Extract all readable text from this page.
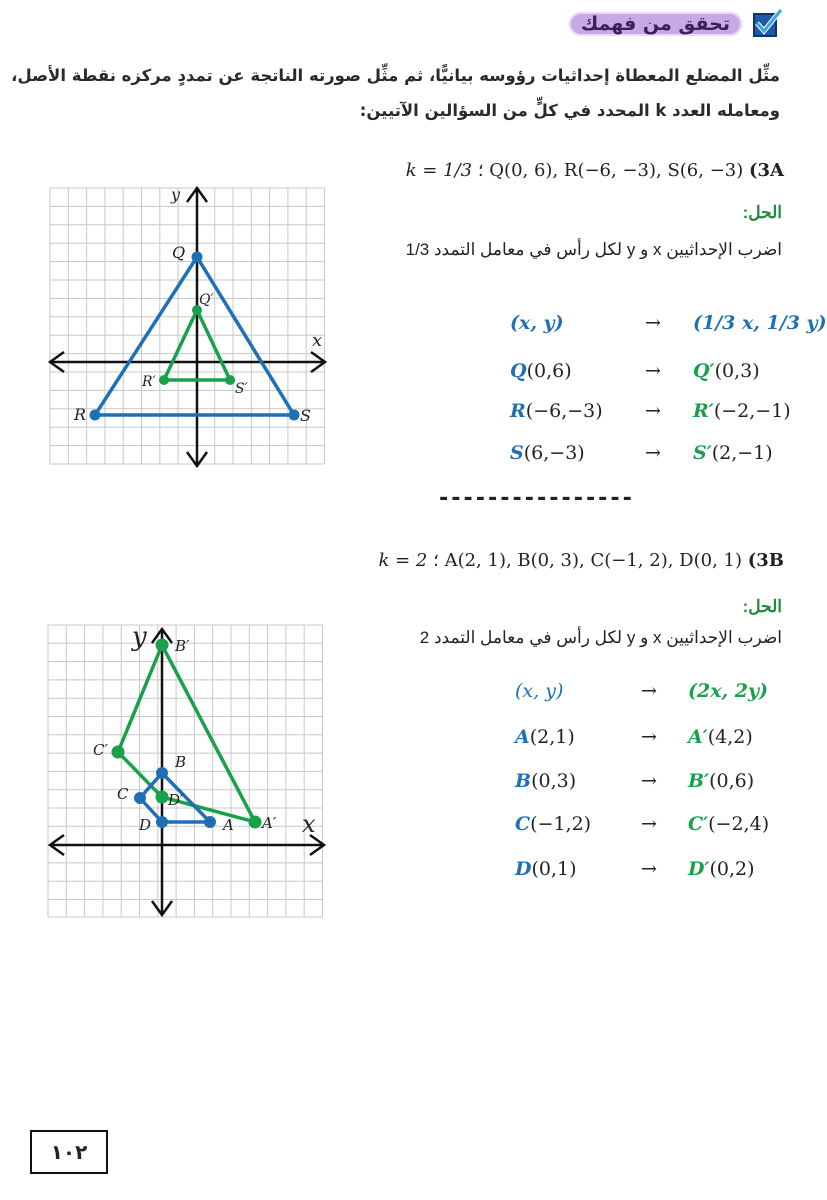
تحقق من فهمك
مثِّل المضلع المعطاة إحداثيات رؤوسه بيانيًّا، ثم مثِّل صورته الناتجة عن تمددٍ مركزه نقطة الأصل، ومعامله العدد k المحدد في كلٍّ من السؤالين الآتيين:
k = 1/3 ؛ Q(0, 6), R(−6, −3), S(6, −3) (3A
الحل:
اضرب الإحداثيين x و y لكل رأس في معامل التمدد 1/3
(x, y)	→ (1/3 x, 1/3 y)
Q(0,6)	→ Q′(0,3)
R(−6,−3) → R′(−2,−1)
S(6,−3)	→ S′(2,−1)
y
x
Q
Q′
R
R′
S
S′
----------------
k = 2 ؛ A(2, 1), B(0, 3), C(−1, 2), D(0, 1) (3B
الحل:
اضرب الإحداثيين x و y لكل رأس في معامل التمدد 2
(x, y)	→ (2x, 2y)
A(2,1)	→ A′(4,2)
B(0,3)	→ B′(0,6)
C(−1,2)	→ C′(−2,4)
D(0,1)	→ D′(0,2)
y
x
A A′
B
B′
C
C′
D
D′
١٠٢
